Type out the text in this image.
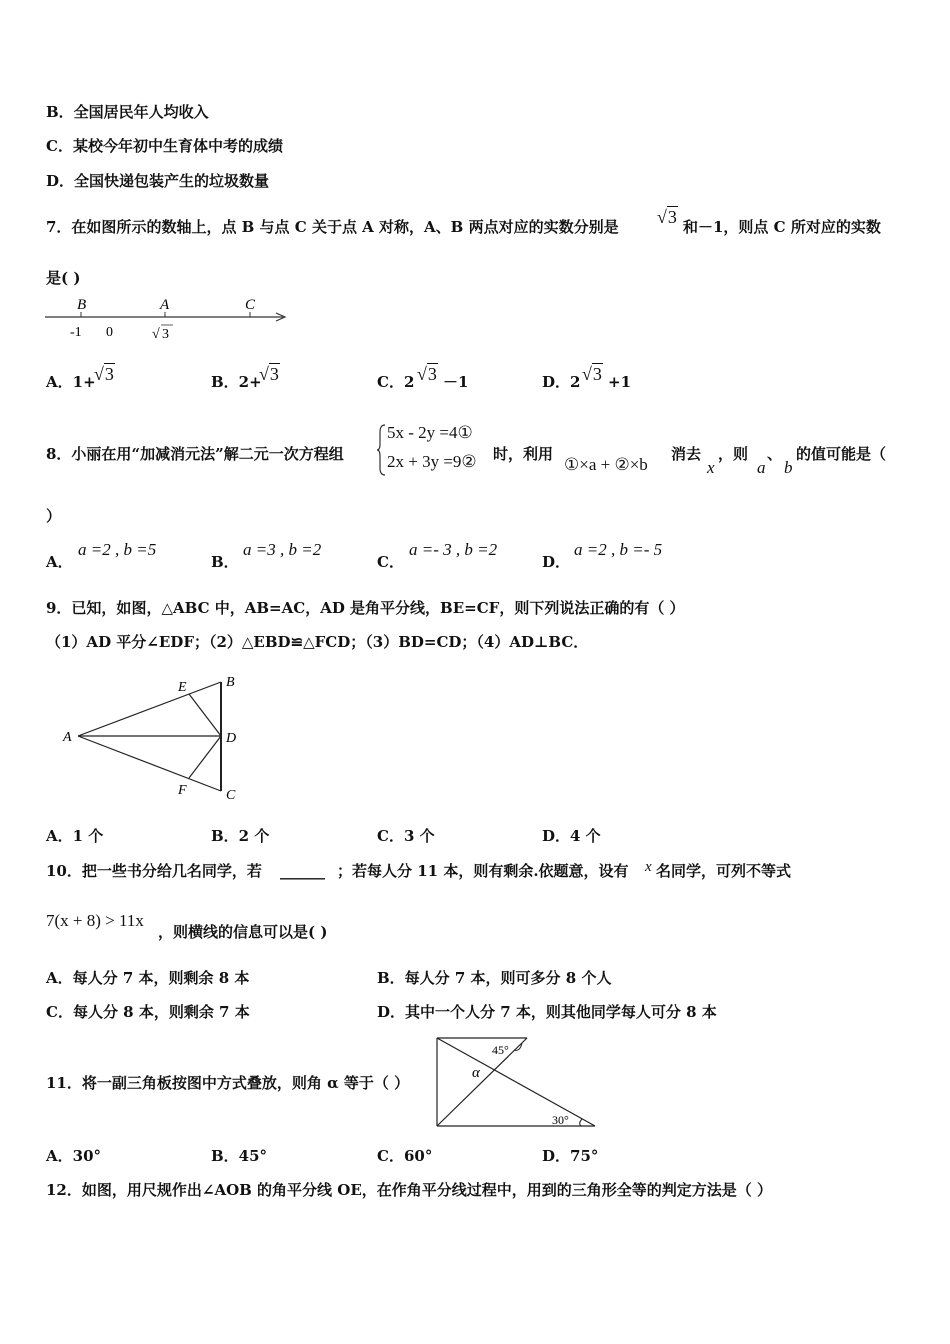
B．全国居民年人均收入
C．某校今年初中生育体中考的成绩
D．全国快递包装产生的垃圾数量
7．在如图所示的数轴上，点 B 与点 C 关于点 A 对称，A、B 两点对应的实数分别是 √3 和－1，则点 C 所对应的实数
是( )
B	A	C
-1 0	√ 3
A．1+
√3	B．2+
√3	C．2 √3 －1	D．2 √3 +1
8．小丽在用“加减消元法”解二元一次方程组
5x - 2y =4①
2x + 3y =9② 时，利用
①×a + ②×b
消去
x
，则
a
、
b
的值可能是（
）
A．
a =2 , b =5
B．
a =3 , b =2
C．
a =- 3 , b =2
D．
a =2 , b =- 5
9．已知，如图，△ABC 中，AB=AC，AD 是角平分线，BE=CF，则下列说法正确的有（ ）
（1）AD 平分∠EDF；（2）△EBD≌△FCD；（3）BD=CD；（4）AD⊥BC．
A
B
C
D
E
F
A．1 个	B．2 个	C．3 个	D．4 个
10．把一些书分给几名同学，若 ______ ；若每人分 11 本，则有剩余.依题意，设有 x 名同学，可列不等式
7(x + 8) > 11x
，则横线的信息可以是( )
A．每人分 7 本，则剩余 8 本	B．每人分 7 本，则可多分 8 个人
C．每人分 8 本，则剩余 7 本	D．其中一个人分 7 本，则其他同学每人可分 8 本
11．将一副三角板按图中方式叠放，则角 α 等于（ ）
45°
α
30°
A．30°	B．45°	C．60°	D．75°
12．如图，用尺规作出∠AOB 的角平分线 OE，在作角平分线过程中，用到的三角形全等的判定方法是（ ）
